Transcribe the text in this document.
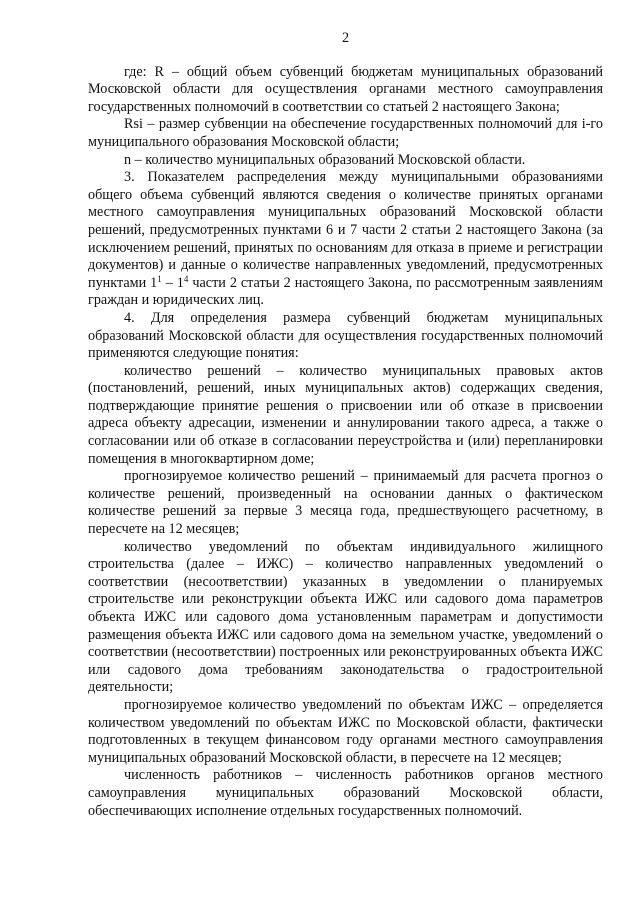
2

где: R – общий объем субвенций бюджетам муниципальных образований Московской области для осуществления органами местного самоуправления государственных полномочий в соответствии со статьей 2 настоящего Закона;

Rsi – размер субвенции на обеспечение государственных полномочий для i-го муниципального образования Московской области;

n – количество муниципальных образований Московской области.

3. Показателем распределения между муниципальными образованиями общего объема субвенций являются сведения о количестве принятых органами местного самоуправления муниципальных образований Московской области решений, предусмотренных пунктами 6 и 7 части 2 статьи 2 настоящего Закона (за исключением решений, принятых по основаниям для отказа в приеме и регистрации документов) и данные о количестве направленных уведомлений, предусмотренных пунктами $1^1 - 1^4$ части 2 статьи 2 настоящего Закона, по рассмотренным заявлениям граждан и юридических лиц.

4. Для определения размера субвенций бюджетам муниципальных образований Московской области для осуществления государственных полномочий применяются следующие понятия:

количество решений – количество муниципальных правовых актов (постановлений, решений, иных муниципальных актов) содержащих сведения, подтверждающие принятие решения о присвоении или об отказе в присвоении адреса объекту адресации, изменении и аннулировании такого адреса, а также о согласовании или об отказе в согласовании переустройства и (или) перепланировки помещения в многоквартирном доме;

прогнозируемое количество решений – принимаемый для расчета прогноз о количестве решений, произведенный на основании данных о фактическом количестве решений за первые 3 месяца года, предшествующего расчетному, в пересчете на 12 месяцев;

количество уведомлений по объектам индивидуального жилищного строительства (далее – ИЖС) – количество направленных уведомлений о соответствии (несоответствии) указанных в уведомлении о планируемых строительстве или реконструкции объекта ИЖС или садового дома параметров объекта ИЖС или садового дома установленным параметрам и допустимости размещения объекта ИЖС или садового дома на земельном участке, уведомлений о соответствии (несоответствии) построенных или реконструированных объекта ИЖС или садового дома требованиям законодательства о градостроительной деятельности;

прогнозируемое количество уведомлений по объектам ИЖС – определяется количеством уведомлений по объектам ИЖС по Московской области, фактически подготовленных в текущем финансовом году органами местного самоуправления муниципальных образований Московской области, в пересчете на 12 месяцев;

численность работников – численность работников органов местного самоуправления муниципальных образований Московской области, обеспечивающих исполнение отдельных государственных полномочий.
